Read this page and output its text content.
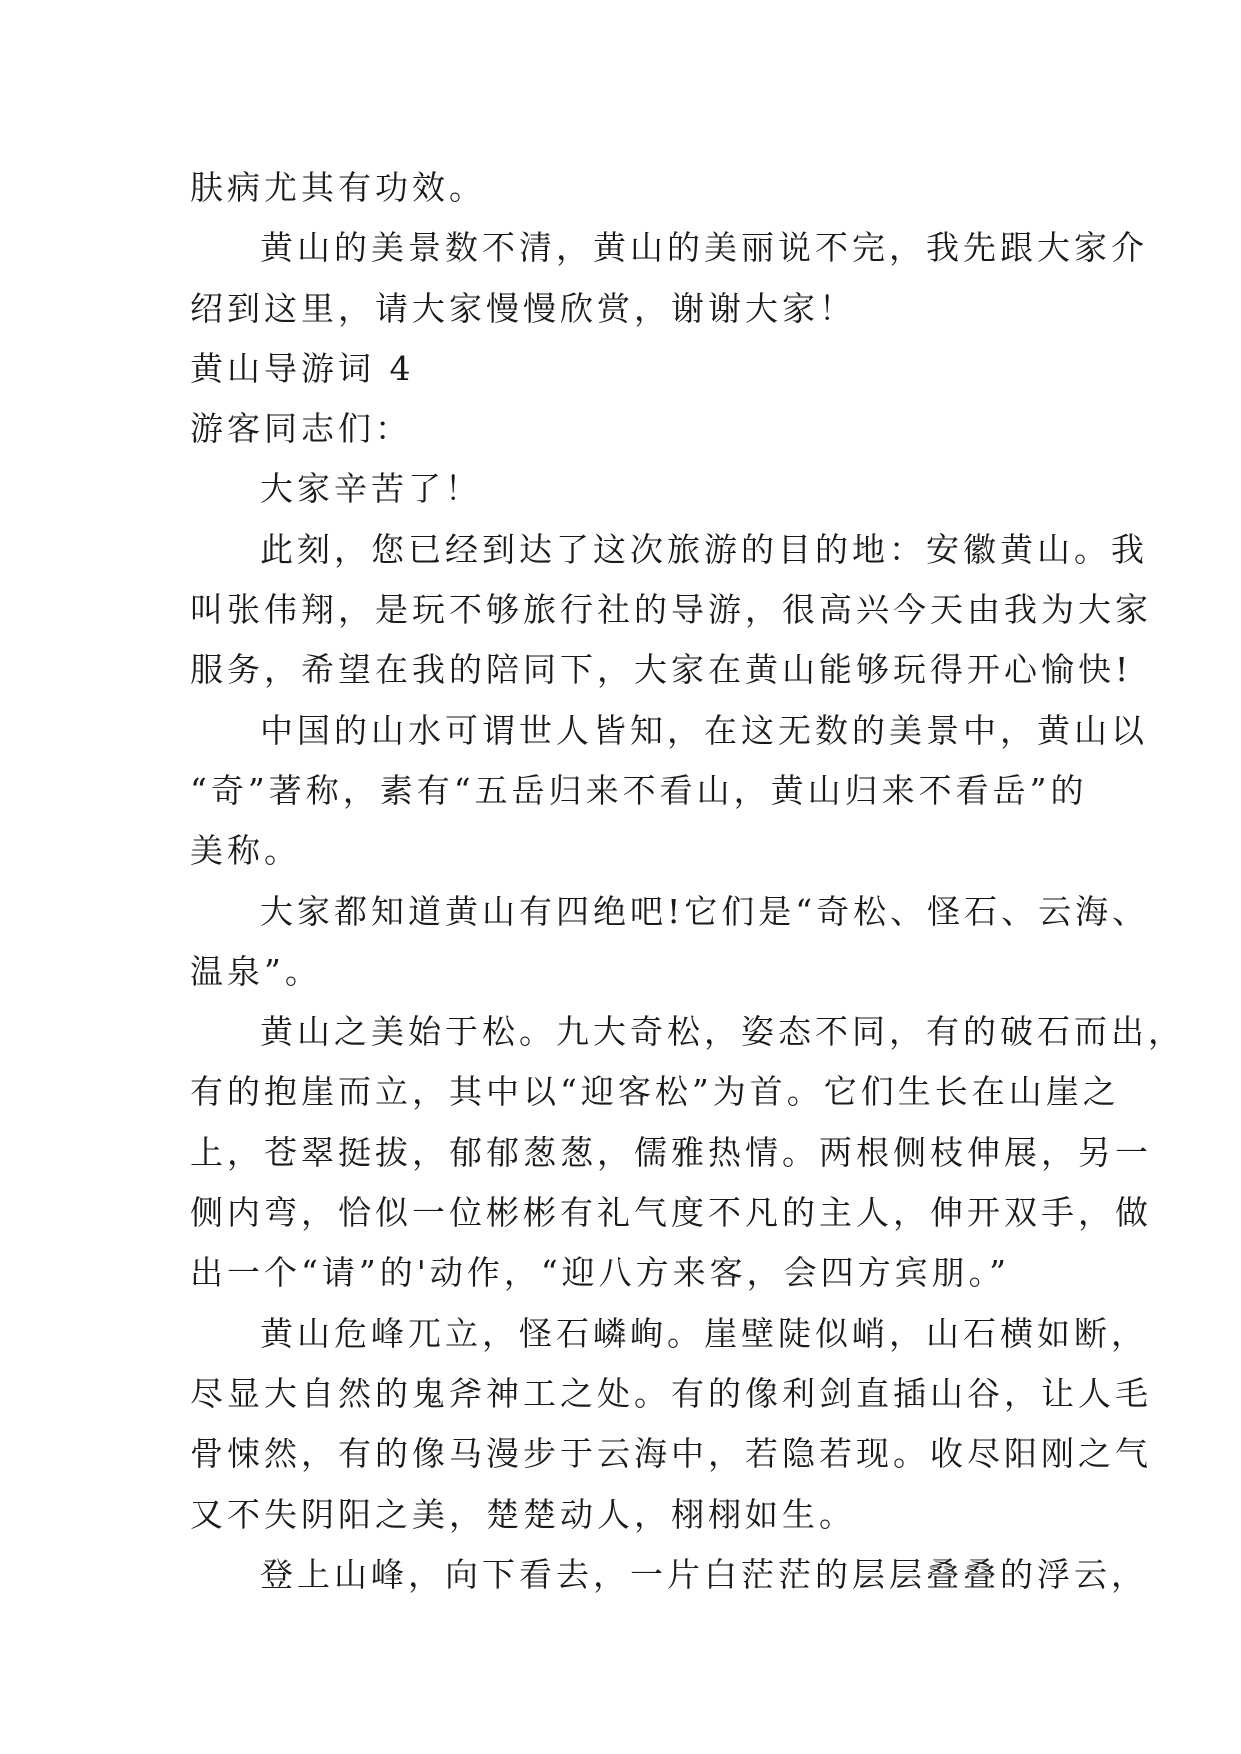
肤病尤其有功效。
黄山的美景数不清，黄山的美丽说不完，我先跟大家介
绍到这里，请大家慢慢欣赏，谢谢大家！
黄山导游词 4
游客同志们：
大家辛苦了！
此刻，您已经到达了这次旅游的目的地：安徽黄山。我
叫张伟翔，是玩不够旅行社的导游，很高兴今天由我为大家
服务，希望在我的陪同下，大家在黄山能够玩得开心愉快!
中国的山水可谓世人皆知，在这无数的美景中，黄山以
“奇”著称，素有“五岳归来不看山，黄山归来不看岳”的
美称。
大家都知道黄山有四绝吧!它们是“奇松、怪石、云海、
温泉”。
黄山之美始于松。九大奇松，姿态不同，有的破石而出，
有的抱崖而立，其中以“迎客松”为首。它们生长在山崖之
上，苍翠挺拔，郁郁葱葱，儒雅热情。两根侧枝伸展，另一
侧内弯，恰似一位彬彬有礼气度不凡的主人，伸开双手，做
出一个“请”的'动作，“迎八方来客，会四方宾朋。”
黄山危峰兀立，怪石嶙峋。崖壁陡似峭，山石横如断，
尽显大自然的鬼斧神工之处。有的像利剑直插山谷，让人毛
骨悚然，有的像马漫步于云海中，若隐若现。收尽阳刚之气
又不失阴阳之美，楚楚动人，栩栩如生。
登上山峰，向下看去，一片白茫茫的层层叠叠的浮云，
